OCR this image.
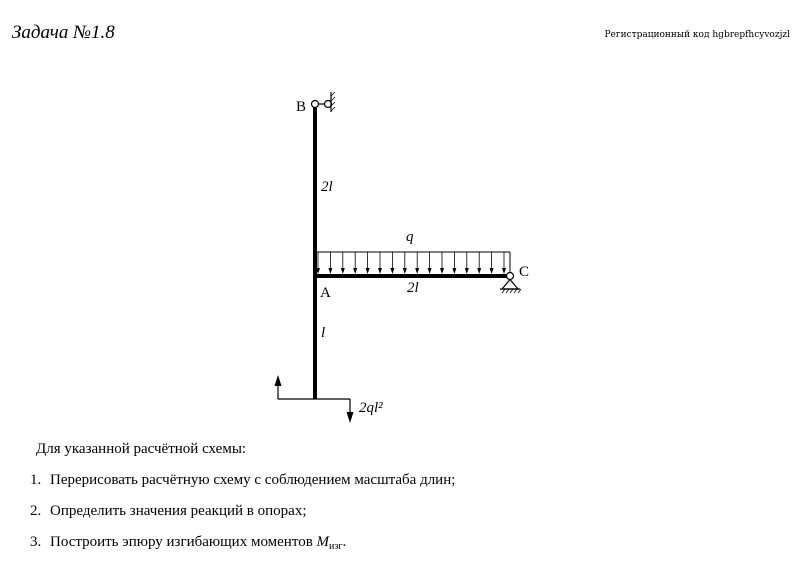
Задача №1.8	Регистрационный код hgbrepfhcyvozjzl
B
A
C
2l
l
2l
q
2ql²
Для указанной расчётной схемы:
1. Перерисовать расчётную схему с соблюдением масштаба длин;
2. Определить значения реакций в опорах;
3. Построить эпюру изгибающих моментов $M_{изг}$.
